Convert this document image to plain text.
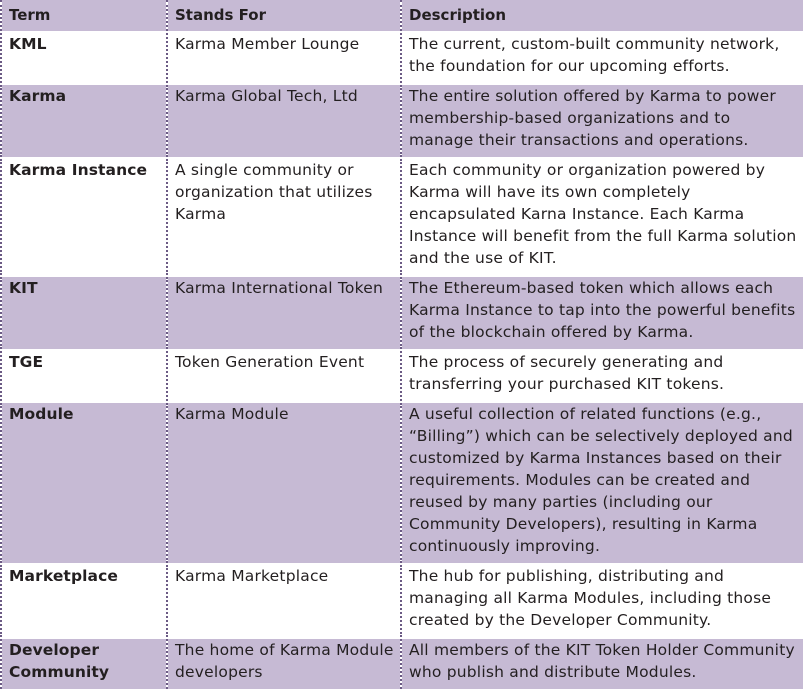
Term	Stands For	Description
KML	Karma Member Lounge	The current, custom-built community network, the foundation for our upcoming efforts.
Karma	Karma Global Tech, Ltd	The entire solution offered by Karma to power membership-based organizations and to manage their transactions and operations.
Karma Instance	A single community or organization that utilizes Karma	Each community or organization powered by Karma will have its own completely encapsulated Karna Instance. Each Karma Instance will benefit from the full Karma solution and the use of KIT.
KIT	Karma International Token	The Ethereum-based token which allows each Karma Instance to tap into the powerful benefits of the blockchain offered by Karma.
TGE	Token Generation Event	The process of securely generating and transferring your purchased KIT tokens.
Module	Karma Module	A useful collection of related functions (e.g., “Billing”) which can be selectively deployed and customized by Karma Instances based on their requirements. Modules can be created and reused by many parties (including our Community Developers), resulting in Karma continuously improving.
Marketplace	Karma Marketplace	The hub for publishing, distributing and managing all Karma Modules, including those created by the Developer Community.
Developer Community	The home of Karma Module developers	All members of the KIT Token Holder Community who publish and distribute Modules.
